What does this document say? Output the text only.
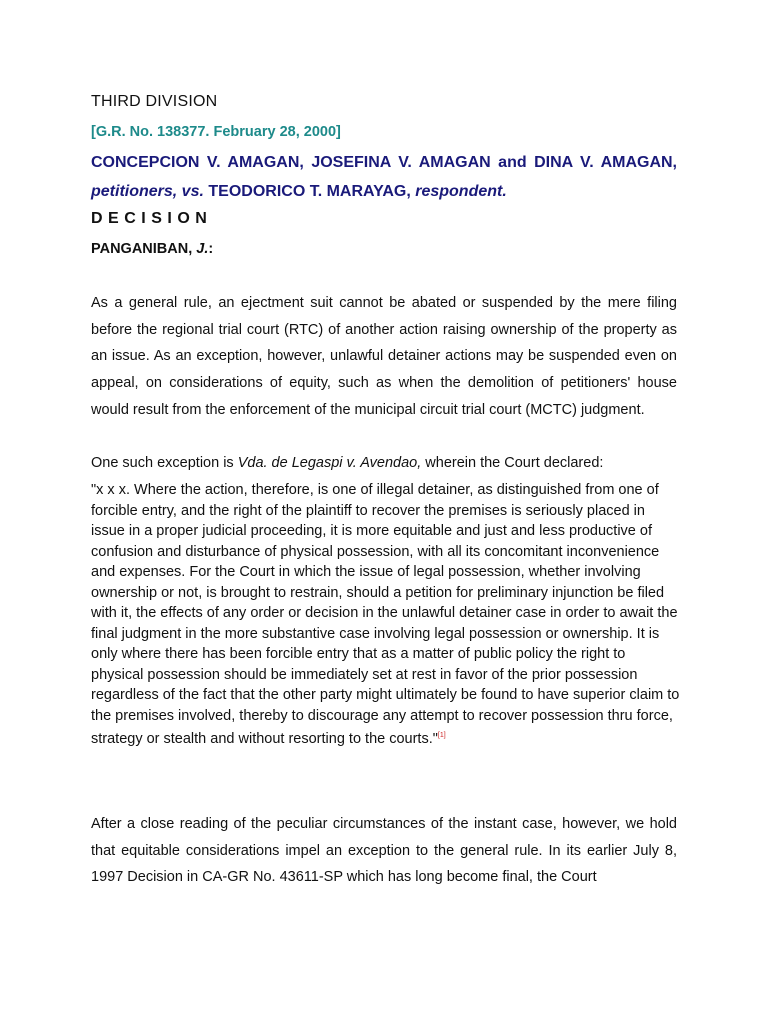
THIRD DIVISION
[G.R. No. 138377. February 28, 2000]
CONCEPCION V. AMAGAN, JOSEFINA V. AMAGAN and DINA V. AMAGAN, petitioners, vs. TEODORICO T. MARAYAG, respondent.
DECISION
PANGANIBAN, J.:

As a general rule, an ejectment suit cannot be abated or suspended by the mere filing before the regional trial court (RTC) of another action raising ownership of the property as an issue. As an exception, however, unlawful detainer actions may be suspended even on appeal, on considerations of equity, such as when the demolition of petitioners' house would result from the enforcement of the municipal circuit trial court (MCTC) judgment.

One such exception is Vda. de Legaspi v. Avendao, wherein the Court declared:

"x x x. Where the action, therefore, is one of illegal detainer, as distinguished from one of forcible entry, and the right of the plaintiff to recover the premises is seriously placed in issue in a proper judicial proceeding, it is more equitable and just and less productive of confusion and disturbance of physical possession, with all its concomitant inconvenience and expenses. For the Court in which the issue of legal possession, whether involving ownership or not, is brought to restrain, should a petition for preliminary injunction be filed with it, the effects of any order or decision in the unlawful detainer case in order to await the final judgment in the more substantive case involving legal possession or ownership. It is only where there has been forcible entry that as a matter of public policy the right to physical possession should be immediately set at rest in favor of the prior possession regardless of the fact that the other party might ultimately be found to have superior claim to the premises involved, thereby to discourage any attempt to recover possession thru force, strategy or stealth and without resorting to the courts."[1]

After a close reading of the peculiar circumstances of the instant case, however, we hold that equitable considerations impel an exception to the general rule. In its earlier July 8, 1997 Decision in CA-GR No. 43611-SP which has long become final, the Court
